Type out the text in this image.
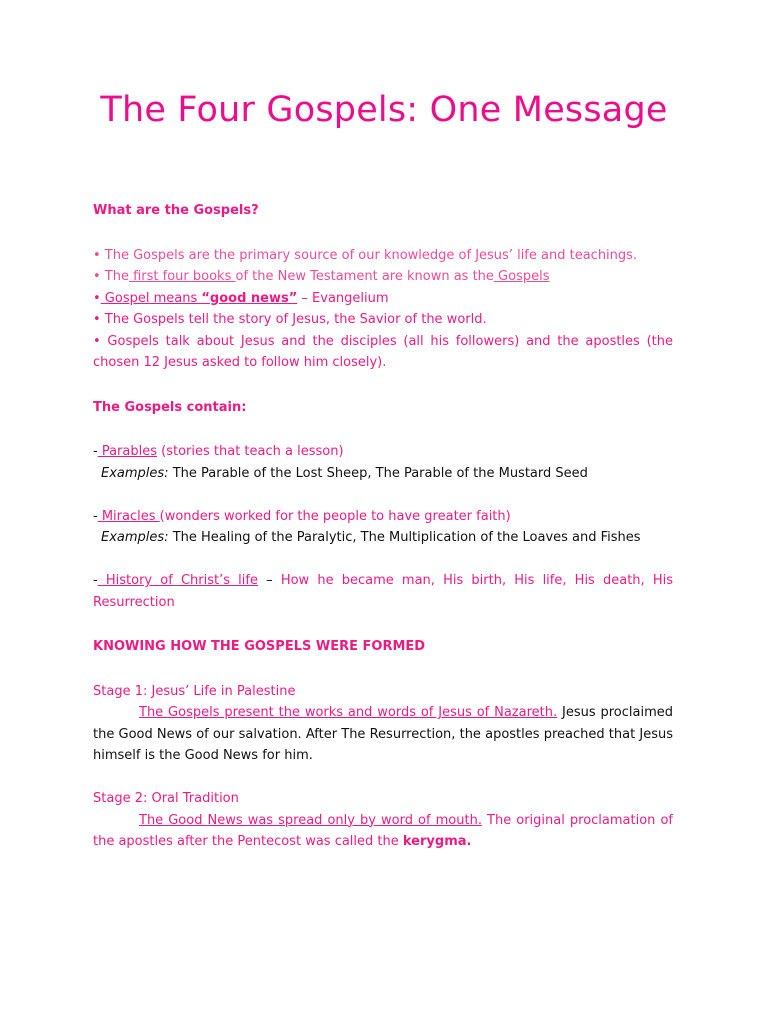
The Four Gospels: One Message

What are the Gospels?

• The Gospels are the primary source of our knowledge of Jesus’ life and teachings.

• The first four books of the New Testament are known as the Gospels

• Gospel means “good news” – Evangelium

• The Gospels tell the story of Jesus, the Savior of the world.

• Gospels talk about Jesus and the disciples (all his followers) and the apostles (the chosen 12 Jesus asked to follow him closely).

The Gospels contain:

- Parables (stories that teach a lesson)

Examples: The Parable of the Lost Sheep, The Parable of the Mustard Seed

- Miracles (wonders worked for the people to have greater faith)

Examples: The Healing of the Paralytic, The Multiplication of the Loaves and Fishes

- History of Christ’s life – How he became man, His birth, His life, His death, His Resurrection

KNOWING HOW THE GOSPELS WERE FORMED

Stage 1: Jesus’ Life in Palestine

The Gospels present the works and words of Jesus of Nazareth. Jesus proclaimed the Good News of our salvation. After The Resurrection, the apostles preached that Jesus himself is the Good News for him.

Stage 2: Oral Tradition

The Good News was spread only by word of mouth. The original proclamation of the apostles after the Pentecost was called the kerygma.
